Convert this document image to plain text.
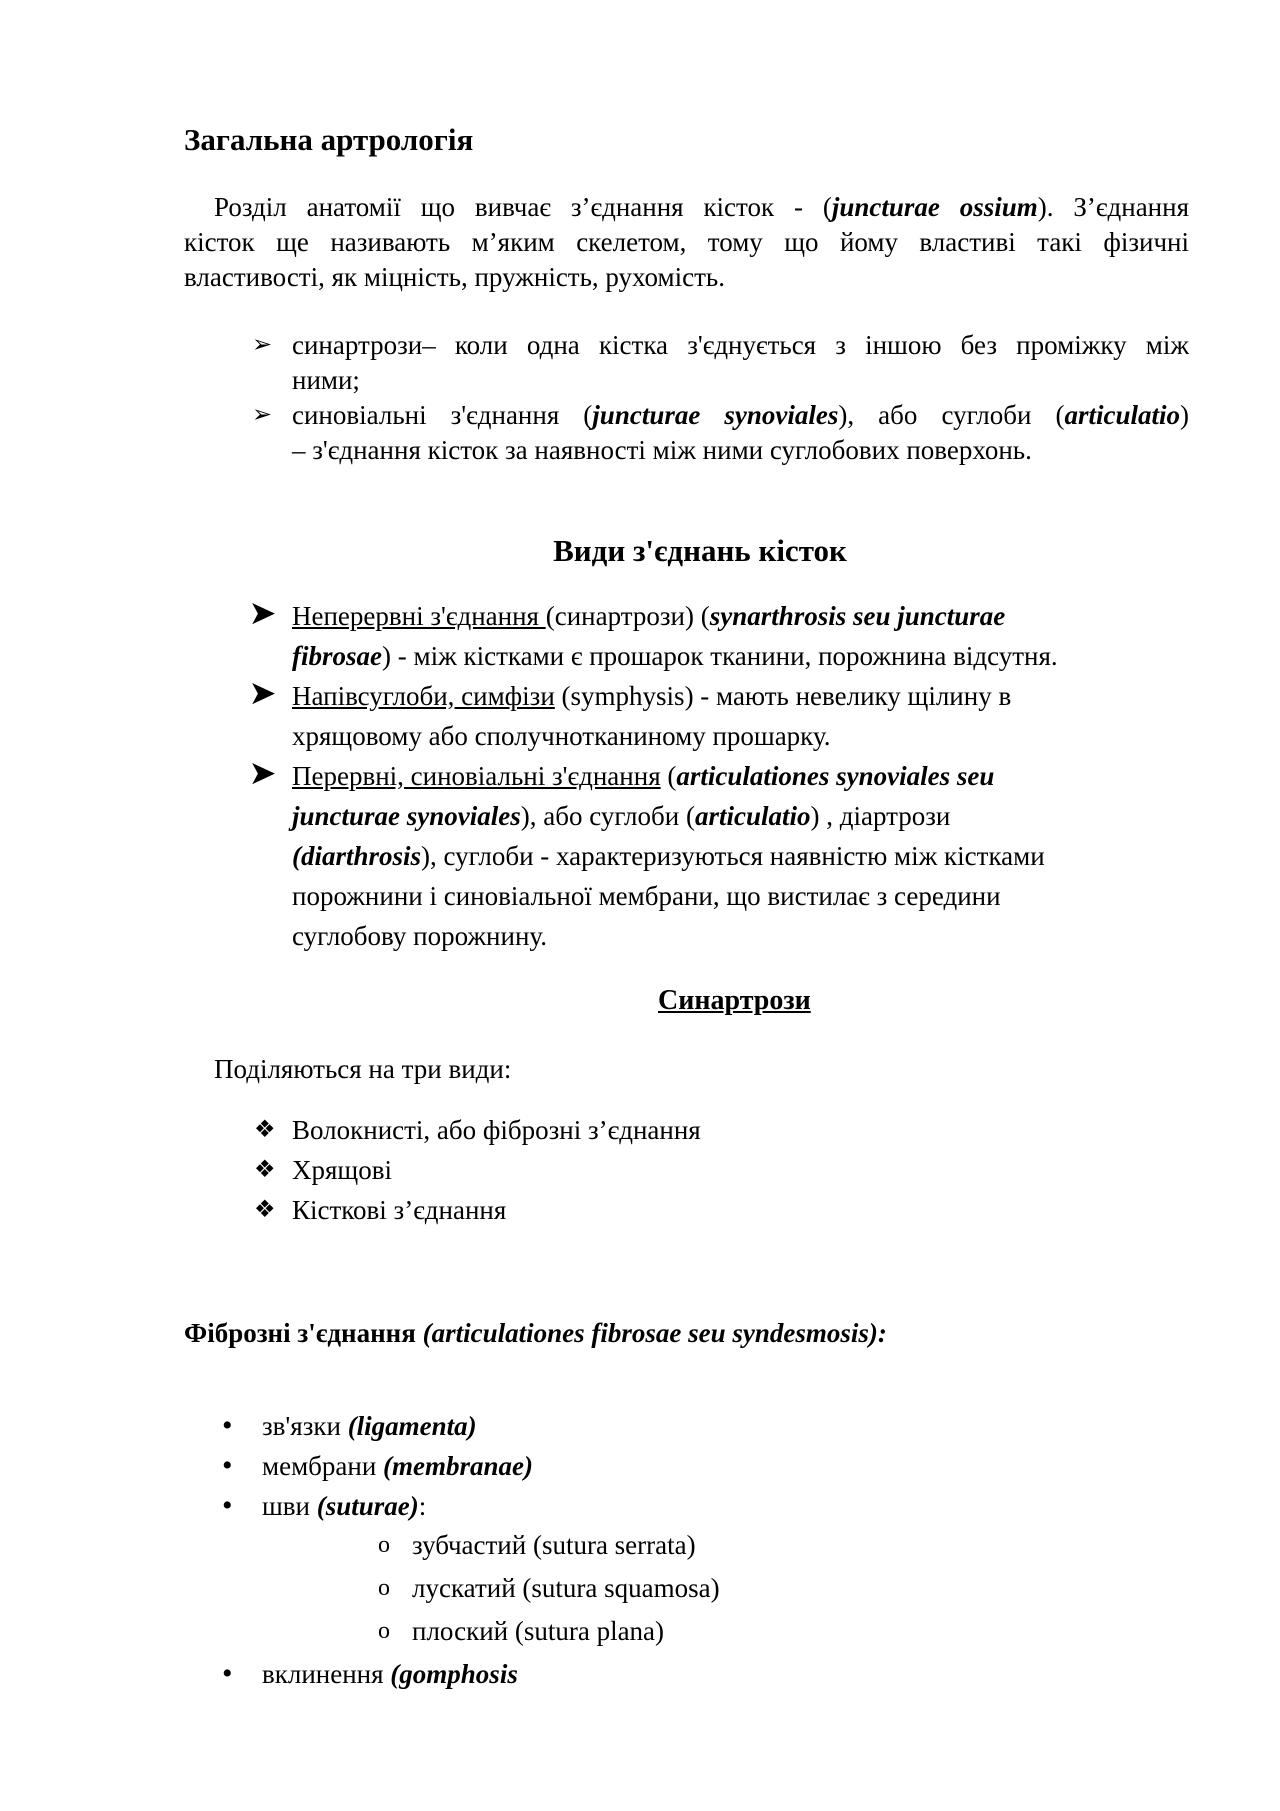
Загальна артрологія
Розділ анатомії що вивчає з’єднання кісток - (juncturae ossium). З’єднання
кісток ще називають м’яким скелетом, тому що йому властиві такі фізичні
властивості, як міцність, пружність, рухомість.
➢ синартрози– коли одна кістка з'єднується з іншою без проміжку між
ними;
➢ синовіальні з'єднання (juncturae synoviales), або суглоби (articulatio)
– з'єднання кісток за наявності між ними суглобових поверхонь.
Види з'єднань кісток
➤ Неперервні з'єднання (синартрози) (synarthrosis seu juncturae
fibrosae) - між кістками є прошарок тканини, порожнина відсутня.
➤ Напівсуглоби, симфізи (symphysis) - мають невелику щілину в
хрящовому або сполучнотканиному прошарку.
➤ Перервні, синовіальні з'єднання (articulationes synoviales seu
juncturae synoviales), або суглоби (articulatio) , діартрози
(diarthrosis), суглоби - характеризуються наявністю між кістками
порожнини і синовіальної мембрани, що вистилає з середини
суглобову порожнину.
Синартрози
Поділяються на три види:
❖ Волокнисті, або фіброзні з’єднання
❖ Хрящові
❖ Кісткові з’єднання
Фіброзні з'єднання (articulationes fibrosae seu syndesmosis):
• зв'язки (ligamenta)
• мембрани (membranae)
• шви (suturae):
o зубчастий (sutura serrata)
o лускатий (sutura squamosa)
o плоский (sutura plana)
• вклинення (gomphosis
